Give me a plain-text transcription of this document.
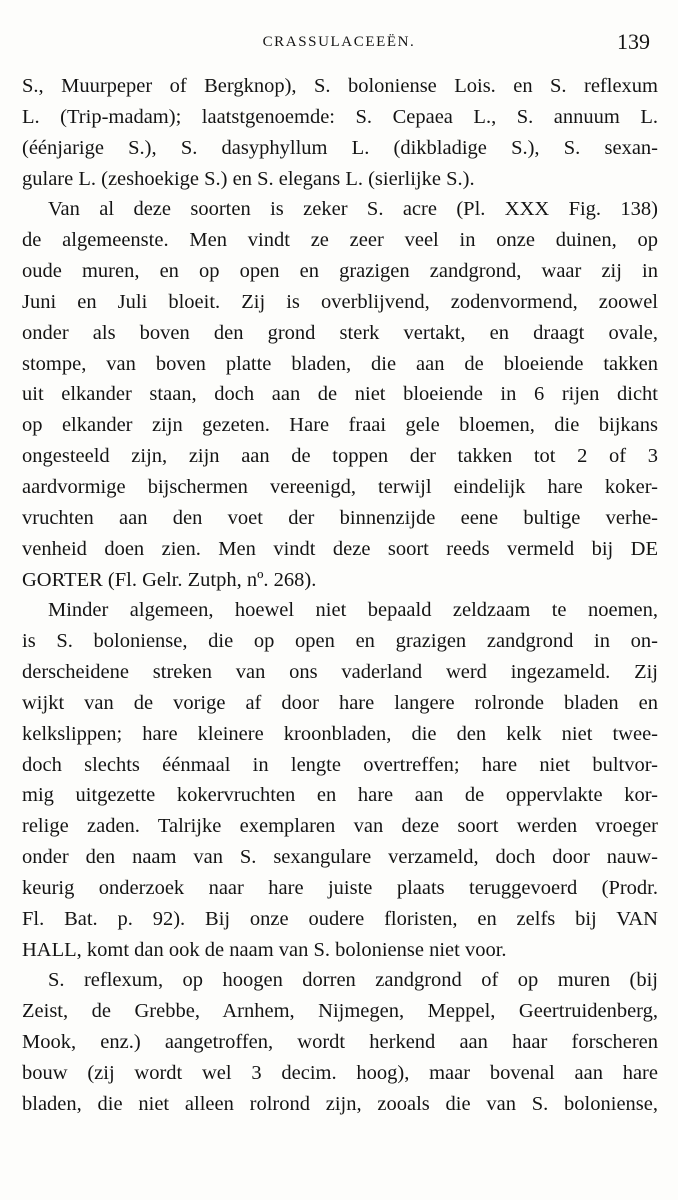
CRASSULACEEËN.	139
S., Muurpeper of Bergknop), S. boloniense Lois. en S. reflexum
L. (Trip-madam); laatstgenoemde: S. Cepaea L., S. annuum L.
(éénjarige S.), S. dasyphyllum L. (dikbladige S.), S. sexan-
gulare L. (zeshoekige S.) en S. elegans L. (sierlijke S.).
Van al deze soorten is zeker S. acre (Pl. XXX Fig. 138)
de algemeenste. Men vindt ze zeer veel in onze duinen, op
oude muren, en op open en grazigen zandgrond, waar zij in
Juni en Juli bloeit. Zij is overblijvend, zodenvormend, zoowel
onder als boven den grond sterk vertakt, en draagt ovale,
stompe, van boven platte bladen, die aan de bloeiende takken
uit elkander staan, doch aan de niet bloeiende in 6 rijen dicht
op elkander zijn gezeten. Hare fraai gele bloemen, die bijkans
ongesteeld zijn, zijn aan de toppen der takken tot 2 of 3
aardvormige bijschermen vereenigd, terwijl eindelijk hare koker-
vruchten aan den voet der binnenzijde eene bultige verhe-
venheid doen zien. Men vindt deze soort reeds vermeld bij DE
GORTER (Fl. Gelr. Zutph, nº. 268).
Minder algemeen, hoewel niet bepaald zeldzaam te noemen,
is S. boloniense, die op open en grazigen zandgrond in on-
derscheidene streken van ons vaderland werd ingezameld. Zij
wijkt van de vorige af door hare langere rolronde bladen en
kelkslippen; hare kleinere kroonbladen, die den kelk niet twee-
doch slechts éénmaal in lengte overtreffen; hare niet bultvor-
mig uitgezette kokervruchten en hare aan de oppervlakte kor-
relige zaden. Talrijke exemplaren van deze soort werden vroeger
onder den naam van S. sexangulare verzameld, doch door nauw-
keurig onderzoek naar hare juiste plaats teruggevoerd (Prodr.
Fl. Bat. p. 92). Bij onze oudere floristen, en zelfs bij VAN
HALL, komt dan ook de naam van S. boloniense niet voor.
S. reflexum, op hoogen dorren zandgrond of op muren (bij
Zeist, de Grebbe, Arnhem, Nijmegen, Meppel, Geertruidenberg,
Mook, enz.) aangetroffen, wordt herkend aan haar forscheren
bouw (zij wordt wel 3 decim. hoog), maar bovenal aan hare
bladen, die niet alleen rolrond zijn, zooals die van S. boloniense,
